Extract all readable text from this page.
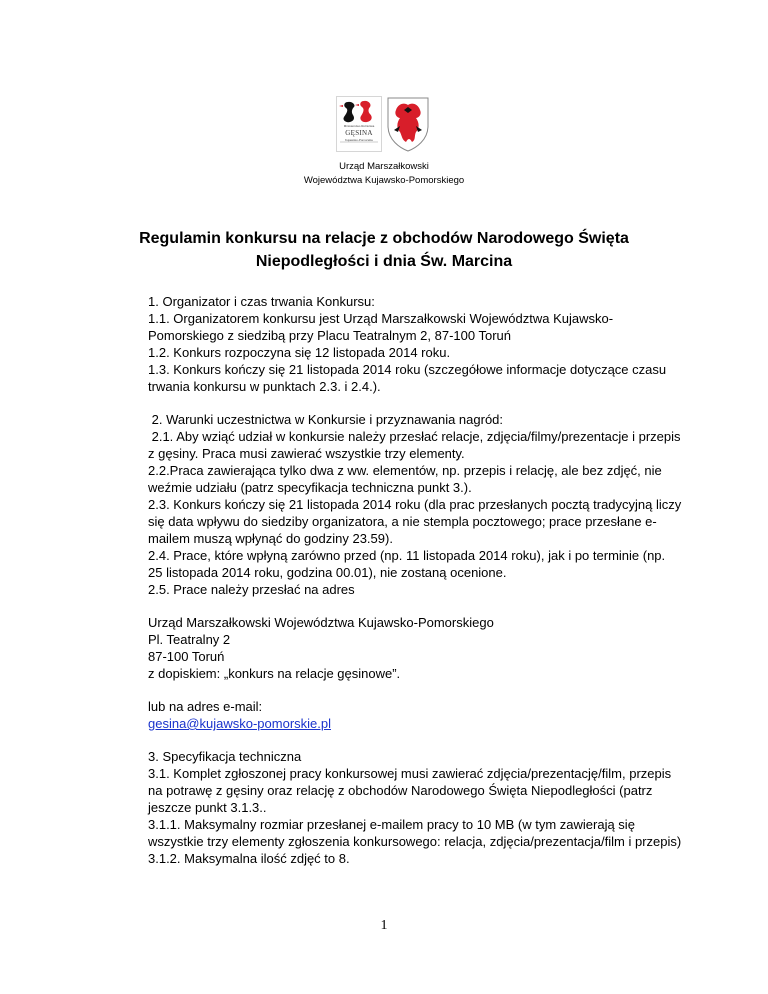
Ministerstwo Rolnictwa
GĘSINA
Kujawsko-Pomorskie
Urząd Marszałkowski
Województwa Kujawsko-Pomorskiego
Regulamin konkursu na relacje z obchodów Narodowego Święta
Niepodległości i dnia Św. Marcina
1. Organizator i czas trwania Konkursu:
1.1. Organizatorem konkursu jest Urząd Marszałkowski Województwa Kujawsko-
Pomorskiego z siedzibą przy Placu Teatralnym 2, 87-100 Toruń
1.2. Konkurs rozpoczyna się 12 listopada 2014 roku.
1.3. Konkurs kończy się 21 listopada 2014 roku (szczegółowe informacje dotyczące czasu
trwania konkursu w punktach 2.3. i 2.4.).
2. Warunki uczestnictwa w Konkursie i przyznawania nagród:
2.1. Aby wziąć udział w konkursie należy przesłać relacje, zdjęcia/filmy/prezentacje i przepis
z gęsiny. Praca musi zawierać wszystkie trzy elementy.
2.2.Praca zawierająca tylko dwa z ww. elementów, np. przepis i relację, ale bez zdjęć, nie
weźmie udziału (patrz specyfikacja techniczna punkt 3.).
2.3. Konkurs kończy się 21 listopada 2014 roku (dla prac przesłanych pocztą tradycyjną liczy
się data wpływu do siedziby organizatora, a nie stempla pocztowego; prace przesłane e-
mailem muszą wpłynąć do godziny 23.59).
2.4. Prace, które wpłyną zarówno przed (np. 11 listopada 2014 roku), jak i po terminie (np.
25 listopada 2014 roku, godzina 00.01), nie zostaną ocenione.
2.5. Prace należy przesłać na adres
Urząd Marszałkowski Województwa Kujawsko-Pomorskiego
Pl. Teatralny 2
87-100 Toruń
z dopiskiem: „konkurs na relacje gęsinowe”.
lub na adres e-mail:
gesina@kujawsko-pomorskie.pl
3. Specyfikacja techniczna
3.1. Komplet zgłoszonej pracy konkursowej musi zawierać zdjęcia/prezentację/film, przepis
na potrawę z gęsiny oraz relację z obchodów Narodowego Święta Niepodległości (patrz
jeszcze punkt 3.1.3..
3.1.1. Maksymalny rozmiar przesłanej e-mailem pracy to 10 MB (w tym zawierają się
wszystkie trzy elementy zgłoszenia konkursowego: relacja, zdjęcia/prezentacja/film i przepis)
3.1.2. Maksymalna ilość zdjęć to 8.
1
